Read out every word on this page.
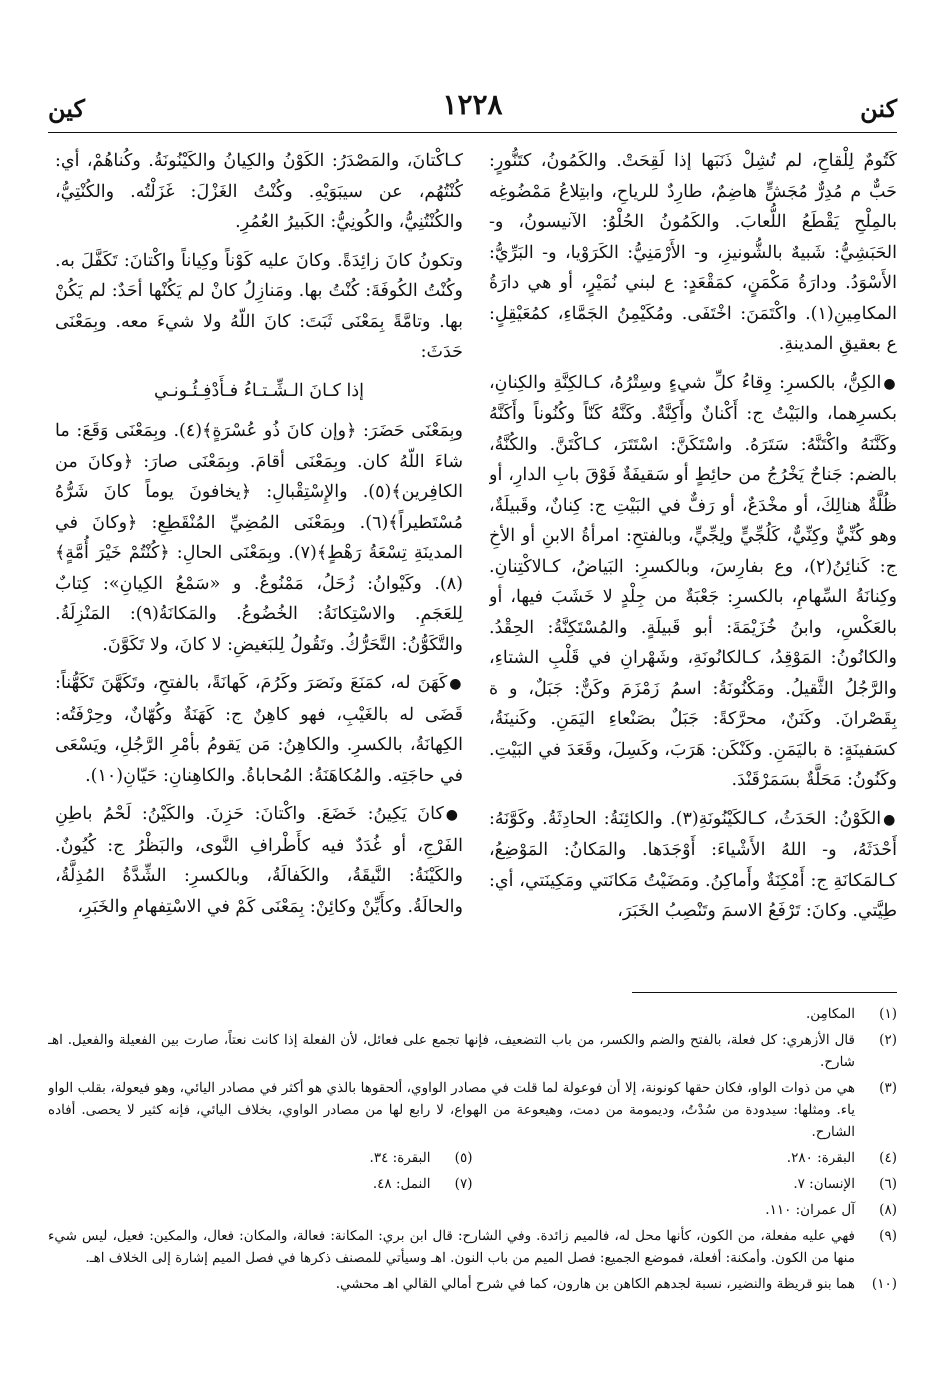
كنن
١٢٢٨
كين

كَتُومٌ لِلْقاحِ، لم تُشِلْ ذَنَبَها إذا لَقِحَتْ. والكَمُونُ، كتَنُّورٍ: حَبٌّ م مُدِرٌّ مُجَشٍّ هاضِمٌ، طارِدٌ للرياحِ، وابتِلاعُ مَمْضُوغِه بالمِلْحِ يَقْطَعُ اللُّعابَ. والكَمُونُ الحُلْوُ: الآنيسونُ، و- الحَبَشِيُّ: شَبيهٌ بالشُّونيزِ، و- الأَرْمَنِيُّ: الكَرَوْيا، و- البَرِّيُّ: الأَسْوَدُ. ودارَةُ مَكْمَنٍ، كمَقْعَدٍ: ع لبني نُمَيْرٍ، أو هي دارَةُ المكامِينِ(١). واكْتَمَنَ: اخْتَفَى. ومُكَيْمِنُ الجَمَّاءِ، كمُعَيْقِلٍ: ع بعقيقِ المدينةِ.

●الكِنُّ، بالكسرِ: وِقاءُ كلِّ شيءٍ وسِتْرُهُ، كـالكِنَّةِ والكِنانِ، بكسرِهما، والبَيْتُ ج: أَكْنانٌ وأَكِنَّةٌ. وكَنَّهُ كَنّاً وكُنُوناً وأَكَنَّهُ وكَنَّنَهُ واكْتَنَّهُ: سَتَرَهُ. واسْتَكَنَّ: اسْتَتَرَ، كـاكْتَنَّ. والكُنَّةُ، بالضم: جَناحٌ يَخْرُجُ من حائِطٍ أو سَقيفَةٌ فَوْقَ بابِ الدارِ، أو ظُلَّةٌ هنالِكَ، أو مخْدَعٌ، أو رَفٌّ في البَيْتِ ج: كِنانٌ، وقَبيلَةٌ، وهو كُنِّيٌّ وكِنِّيٌّ، كَلُجِّيٍّ ولِجِّيٍّ، وبالفتحِ: امرأةُ الابنِ أو الأخِ ج: كَنائِنُ(٢)، وع بفارِسَ، وبالكسرِ: البَياضُ، كـالاكْتِنانِ. وكِنانَةُ السِّهامِ، بالكسرِ: جَعْبَةٌ من جِلْدٍ لا خَشَبَ فيها، أو بالعَكْسِ، وابنُ خُزَيْمَةَ: أبو قَبيلَةٍ. والمُسْتَكِنَّةُ: الحِقْدُ. والكانُونُ: المَوْقِدُ، كـالكانُونَةِ، وشَهْرانِ في قَلْبِ الشتاءِ، والرَّجُلُ الثَّقيلُ. ومَكْنُونَةُ: اسمُ زَمْزَمَ وكَنٌّ: جَبَلٌ، و ة بِقَصْرانَ. وكَنَنٌ، محرَّكةً: جَبَلٌ بصَنْعاءِ اليَمَنِ. وكَنينَةُ، كسَفينَةٍ: ة باليَمَنِ. وكَنْكَن: هَرَبَ، وكَسِلَ، وقَعَدَ في البَيْتِ. وكَنُونُ: مَحَلَّةٌ بسَمَرْقَنْدَ.

●الكَوْنُ: الحَدَثُ، كـالكَيْنُونَةِ(٣). والكائِنَةُ: الحادِثَةُ. وكَوَّنَهُ: أَحْدَثَهُ، و- اللهُ الأَشْياءَ: أَوْجَدَها. والمَكانُ: المَوْضِعُ، كـالمَكانَةِ ج: أَمْكِنَةٌ وأَماكِنُ. ومَضَيْتُ مَكانَتي ومَكِينَتي، أي: طِيَّتي. وكانَ: تَرْفَعُ الاسمَ وتَنْصِبُ الخَبَرَ،

كـاكْتانَ، والمَصْدَرُ: الكَوْنُ والكِيانُ والكَيْنُونَةُ. وكُناهُمْ، أي: كُنْتُهُم، عن سيبَوَيْهِ. وكُنْتُ الغَزْلَ: غَزَلْتُه. والكُنْتِيُّ، والكُنْتُنِيُّ، والكُونِيُّ: الكَبيرُ العُمُرِ.

وتكونُ كانَ زائِدَةً. وكانَ عليه كَوْناً وكِياناً واكْتانَ: تَكَفَّلَ به. وكُنْتُ الكُوفَةَ: كُنْتُ بها. ومَنازِلُ كانْ لم يَكُنْها أحَدٌ: لم يَكُنْ بها. وتامَّةً بِمَعْنَى ثَبَتَ: كانَ اللّهُ ولا شيءَ معه. وبِمَعْنَى حَدَثَ:

إذا كـانَ الـشِّـتـاءُ فـأَدْفِـئُـونـي

وبِمَعْنَى حَضَرَ: ﴿وإن كانَ ذُو عُسْرَةٍ﴾(٤). وبِمَعْنَى وَقَعَ: ما شاءَ اللّهُ كان. وبِمَعْنَى أقامَ. وبِمَعْنَى صارَ: ﴿وكانَ من الكافِرين﴾(٥). والإِسْتِقْبالِ: ﴿يخافونَ يوماً كانَ شَرُّهُ مُسْتَطيراً﴾(٦). وبِمَعْنَى المُضِيِّ المُنْقَطِعِ: ﴿وكانَ في المدينَةِ تِسْعَةُ رَهْطٍ﴾(٧). وبِمَعْنَى الحالِ: ﴿كُنْتُمْ خَيْرَ أُمَّةٍ﴾(٨). وكَيْوانُ: زُحَلُ، مَمْنُوعٌ. و «سَمْعُ الكِيانِ»: كِتابٌ لِلعَجَمِ. والاسْتِكانَةُ: الخُضُوعُ. والمَكانَةُ(٩): المَنْزِلَةُ. والتَّكَوُّنُ: التَّحَرُّكُ. وتَقُولُ لِلبَغيضِ: لا كانَ، ولا تَكَوَّنَ.

●كَهَنَ له، كمَنَعَ ونَصَرَ وكَرُمَ، كَهانَةً، بالفتحِ، وتَكَهَّنَ تَكَهُّناً: قَضَى له بالغَيْبِ، فهو كاهِنٌ ج: كَهَنَةٌ وكُهّانٌ، وحِرْفَتُه: الكِهانَةُ، بالكسرِ. والكاهِنُ: مَن يَقومُ بأمْرِ الرَّجُلِ، ويَسْعَى في حاجَتِه. والمُكاهَنَةُ: المُحاباةُ. والكاهِنانِ: حَيّانِ(١٠).

●كانَ يَكِينُ: خَضَعَ. واكْتانَ: حَزِنَ. والكَيْنُ: لَحْمُ باطِنِ الفَرْجِ، أو غُدَدٌ فيه كأَطْرافِ النَّوى، والبَظْرُ ج: كُيُونٌ. والكَيْنَةُ: النَّيقَةُ، والكَفالَةُ، وبالكسرِ: الشِّدَّةُ المُذِلَّةُ، والحالَةُ. وكأَيِّنْ وكائِنْ: بِمَعْنَى كَمْ في الاسْتِفهامِ والخَبَرِ،

(١)
المكامِن.
(٢)
قال الأزهري: كل فعلة، بالفتح والضم والكسر، من باب التضعيف، فإنها تجمع على فعائل، لأن الفعلة إذا كانت نعتاً، صارت بين الفعيلة والفعيل. اهـ شارح.
(٣)
هي من ذوات الواو، فكان حقها كونونة، إلا أن فوعولة لما قلت في مصادر الواوي، ألحقوها بالذي هو أكثر في مصادر اليائي، وهو فيعولة، بقلب الواو ياء. ومثلها: سيدودة من سُدْتُ، وديمومة من دمت، وهيعوعة من الهواع، لا رابع لها من مصادر الواوي، بخلاف اليائي، فإنه كثير لا يحصى. أفاده الشارح.
(٤)
البقرة: ٢٨٠.
(٥)
البقرة: ٣٤.
(٦)
الإنسان: ٧.
(٧)
النمل: ٤٨.
(٨)
آل عمران: ١١٠.
(٩)
فهي عليه مفعلة، من الكون، كأنها محل له، فالميم زائدة. وفي الشارح: قال ابن بري: المكانة: فعالة، والمكان: فعال، والمكين: فعيل، ليس شيء منها من الكون. وأمكنة: أفعلة، فموضع الجميع: فصل الميم من باب النون. اهـ وسيأتي للمصنف ذكرها في فصل الميم إشارة إلى الخلاف اهـ.
(١٠)
هما بنو قريظة والنضير، نسبة لجدهم الكاهن بن هارون، كما في شرح أمالي القالي اهـ محشي.
